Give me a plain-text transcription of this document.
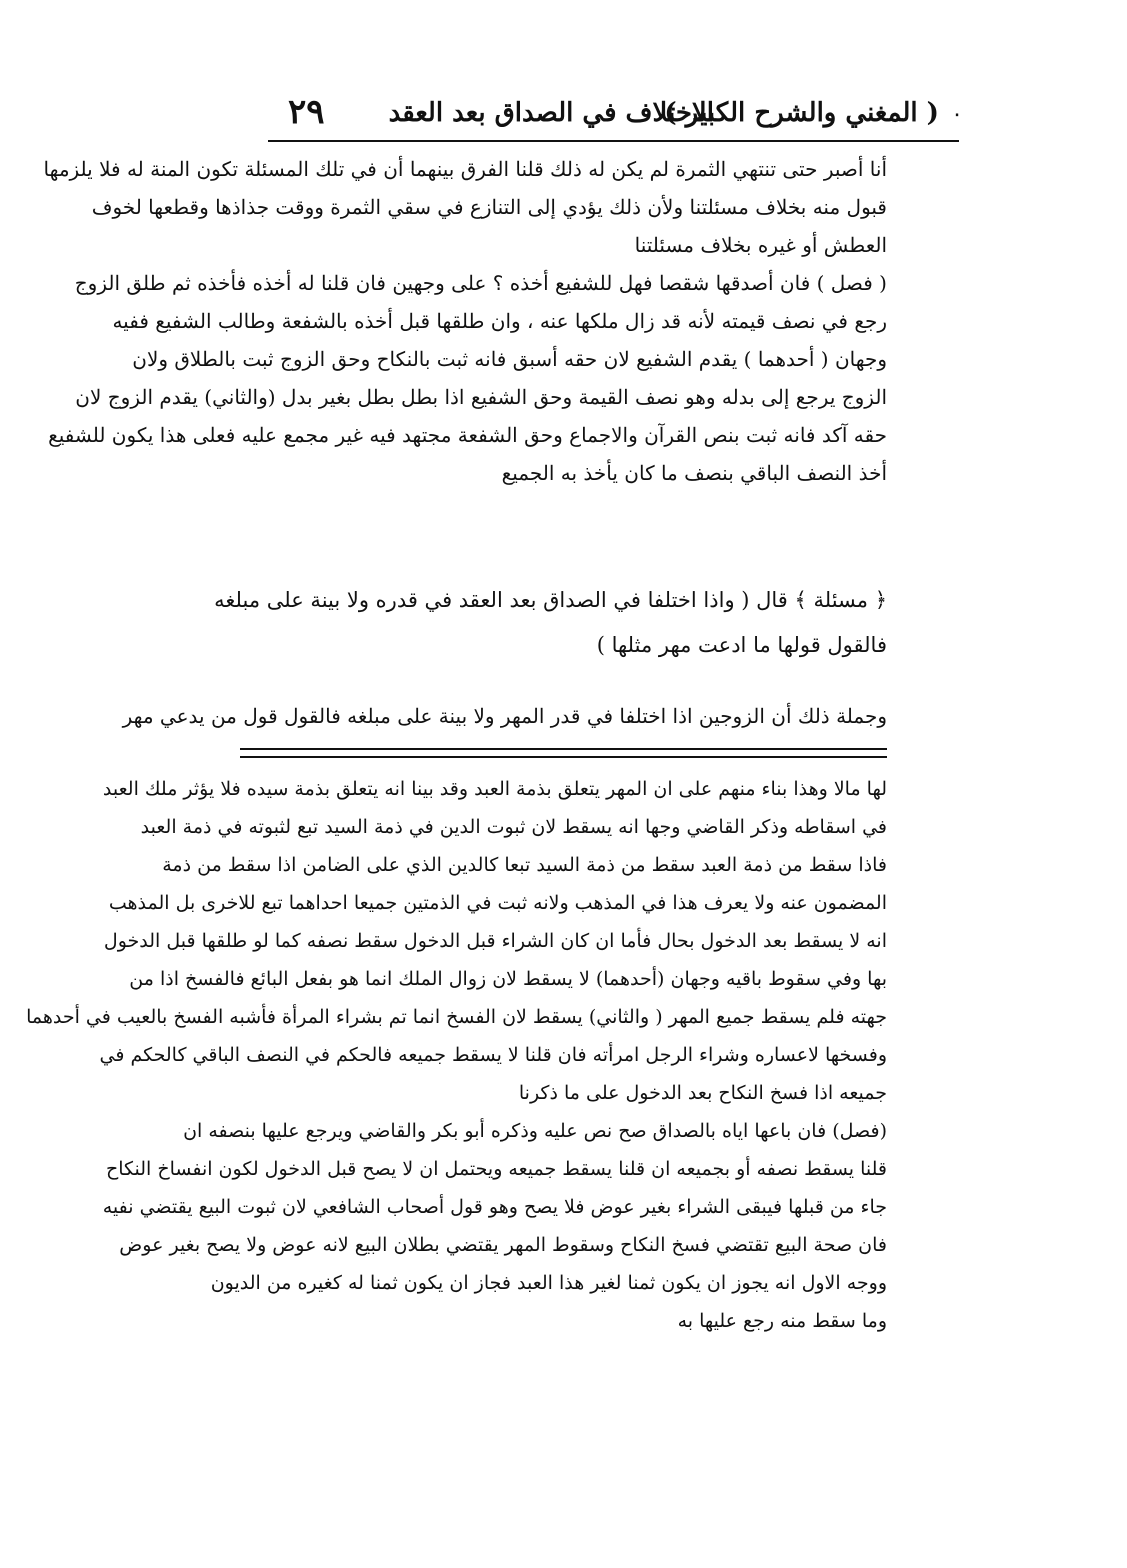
۰
( المغني والشرح الكبير )
الاختلاف في الصداق بعد العقد
٢٩
أنا أصبر حتى تنتهي الثمرة لم يكن له ذلك قلنا الفرق بينهما أن في تلك المسئلة تكون المنة له فلا يلزمها
قبول منه بخلاف مسئلتنا ولأن ذلك يؤدي إلى التنازع في سقي الثمرة ووقت جذاذها وقطعها لخوف
العطش أو غيره بخلاف مسئلتنا
( فصل ) فان أصدقها شقصا فهل للشفيع أخذه ؟ على وجهين فان قلنا له أخذه فأخذه ثم طلق الزوج
رجع في نصف قيمته لأنه قد زال ملكها عنه ، وان طلقها قبل أخذه بالشفعة وطالب الشفيع ففيه
وجهان ( أحدهما ) يقدم الشفيع لان حقه أسبق فانه ثبت بالنكاح وحق الزوج ثبت بالطلاق ولان
الزوج يرجع إلى بدله وهو نصف القيمة وحق الشفيع اذا بطل بطل بغير بدل (والثاني) يقدم الزوج لان
حقه آكد فانه ثبت بنص القرآن والاجماع وحق الشفعة مجتهد فيه غير مجمع عليه فعلى هذا يكون للشفيع
أخذ النصف الباقي بنصف ما كان يأخذ به الجميع
﴿ مسئلة ﴾ قال ( واذا اختلفا في الصداق بعد العقد في قدره ولا بينة على مبلغه
فالقول قولها ما ادعت مهر مثلها )
وجملة ذلك أن الزوجين اذا اختلفا في قدر المهر ولا بينة على مبلغه فالقول قول من يدعي مهر
لها مالا وهذا بناء منهم على ان المهر يتعلق بذمة العبد وقد بينا انه يتعلق بذمة سيده فلا يؤثر ملك العبد
في اسقاطه وذكر القاضي وجها انه يسقط لان ثبوت الدين في ذمة السيد تبع لثبوته في ذمة العبد
فاذا سقط من ذمة العبد سقط من ذمة السيد تبعا كالدين الذي على الضامن اذا سقط من ذمة
المضمون عنه ولا يعرف هذا في المذهب ولانه ثبت في الذمتين جميعا احداهما تبع للاخرى بل المذهب
انه لا يسقط بعد الدخول بحال فأما ان كان الشراء قبل الدخول سقط نصفه كما لو طلقها قبل الدخول
بها وفي سقوط باقيه وجهان (أحدهما) لا يسقط لان زوال الملك انما هو بفعل البائع فالفسخ اذا من
جهته فلم يسقط جميع المهر ( والثاني) يسقط لان الفسخ انما تم بشراء المرأة فأشبه الفسخ بالعيب في أحدهما
وفسخها لاعساره وشراء الرجل امرأته فان قلنا لا يسقط جميعه فالحكم في النصف الباقي كالحكم في
جميعه اذا فسخ النكاح بعد الدخول على ما ذكرنا
(فصل) فان باعها اياه بالصداق صح نص عليه وذكره أبو بكر والقاضي ويرجع عليها بنصفه ان
قلنا يسقط نصفه أو بجميعه ان قلنا يسقط جميعه ويحتمل ان لا يصح قبل الدخول لكون انفساخ النكاح
جاء من قبلها فيبقى الشراء بغير عوض فلا يصح وهو قول أصحاب الشافعي لان ثبوت البيع يقتضي نفيه
فان صحة البيع تقتضي فسخ النكاح وسقوط المهر يقتضي بطلان البيع لانه عوض ولا يصح بغير عوض
ووجه الاول انه يجوز ان يكون ثمنا لغير هذا العبد فجاز ان يكون ثمنا له كغيره من الديون
وما سقط منه رجع عليها به
